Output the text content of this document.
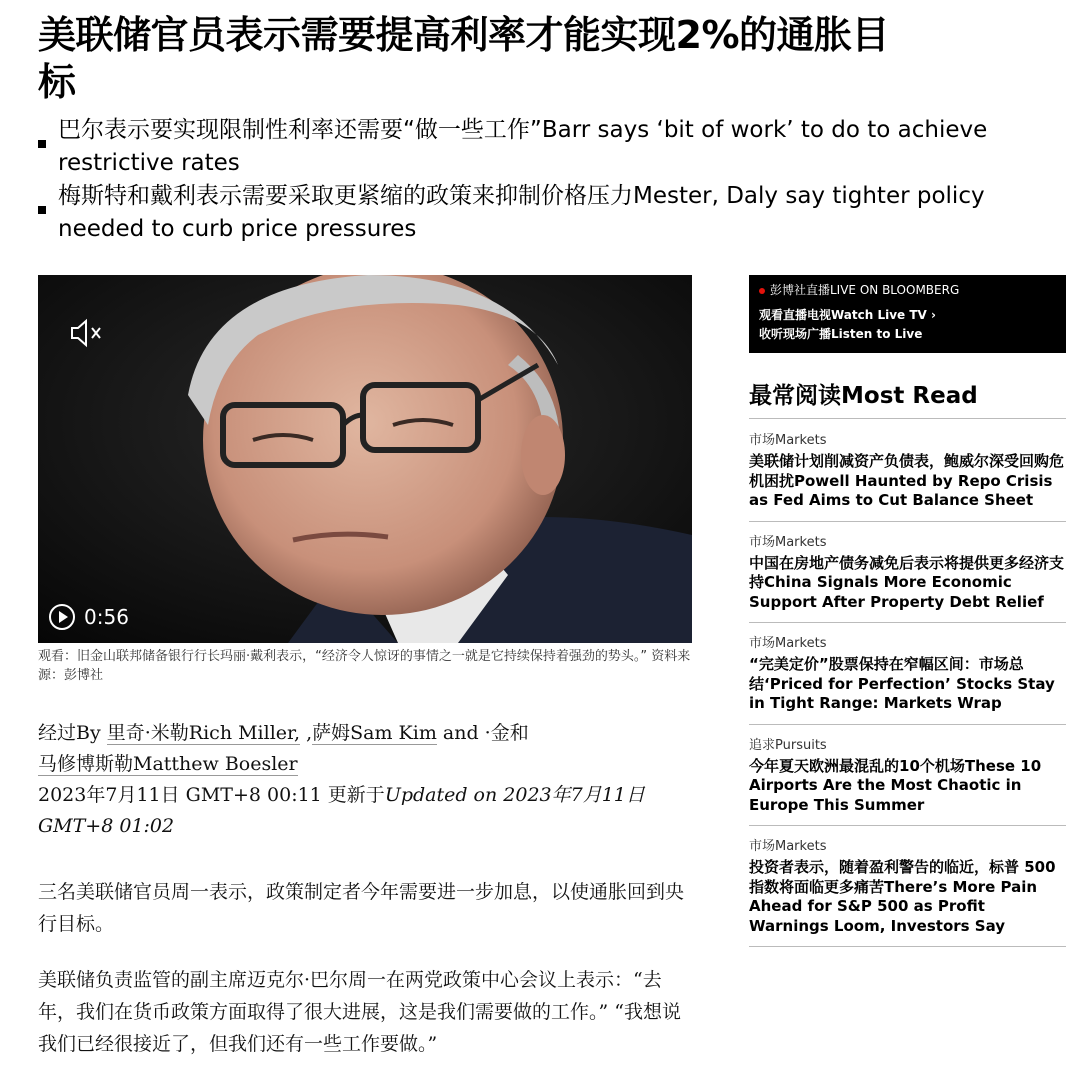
美联储官员表示需要提高利率才能实现2%的通胀目标
巴尔表示要实现限制性利率还需要“做一些工作”Barr says ‘bit of work’ to do to achieve restrictive rates
梅斯特和戴利表示需要采取更紧缩的政策来抑制价格压力Mester, Daly say tighter policy needed to curb price pressures
0:56

观看：旧金山联邦储备银行行长玛丽·戴利表示，“经济令人惊讶的事情之一就是它持续保持着强劲的势头。” 资料来源：彭博社

经过By 里奇·米勒Rich Miller, ,萨姆Sam Kim and ·金和
马修博斯勒Matthew Boesler
2023年7月11日 GMT+8 00:11 更新于Updated on 2023年7月11日 GMT+8 01:02

三名美联储官员周一表示，政策制定者今年需要进一步加息，以使通胀回到央行目标。

美联储负责监管的副主席迈克尔·巴尔周一在两党政策中心会议上表示：“去年，我们在货币政策方面取得了很大进展，这是我们需要做的工作。” “我想说我们已经很接近了，但我们还有一些工作要做。”

彭博社直播LIVE ON BLOOMBERG
观看直播电视Watch Live TV ›
收听现场广播Listen to Live
最常阅读Most Read
市场Markets
美联储计划削减资产负债表，鲍威尔深受回购危机困扰Powell Haunted by Repo Crisis as Fed Aims to Cut Balance Sheet
市场Markets
中国在房地产债务减免后表示将提供更多经济支持China Signals More Economic Support After Property Debt Relief
市场Markets
“完美定价”股票保持在窄幅区间：市场总结‘Priced for Perfection’ Stocks Stay in Tight Range: Markets Wrap
追求Pursuits
今年夏天欧洲最混乱的10个机场These 10 Airports Are the Most Chaotic in Europe This Summer
市场Markets
投资者表示，随着盈利警告的临近，标普 500 指数将面临更多痛苦There’s More Pain Ahead for S&P 500 as Profit Warnings Loom, Investors Say
